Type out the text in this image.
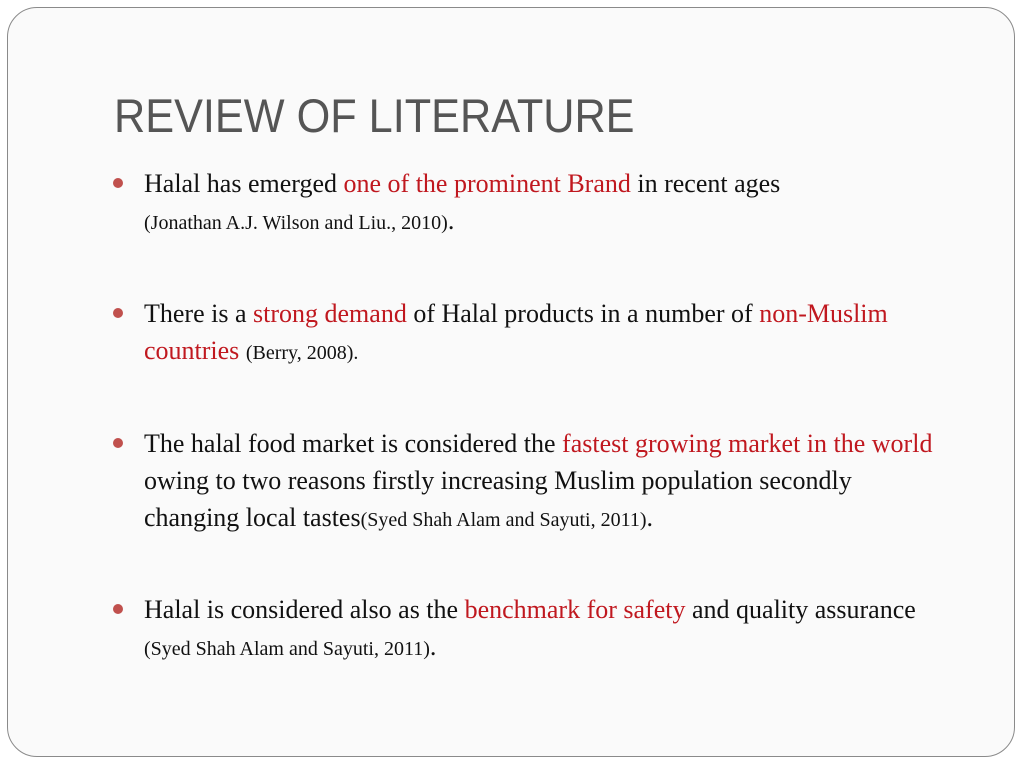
REVIEW OF LITERATURE
Halal has emerged one of the prominent Brand in recent ages
(Jonathan A.J. Wilson and Liu., 2010).
There is a strong demand of Halal products in a number of non-Muslim countries (Berry, 2008).
The halal food market is considered the fastest growing market in the world owing to two reasons firstly increasing Muslim population secondly changing local tastes(Syed Shah Alam and Sayuti, 2011).
Halal is considered also as the benchmark for safety and quality assurance (Syed Shah Alam and Sayuti, 2011).
